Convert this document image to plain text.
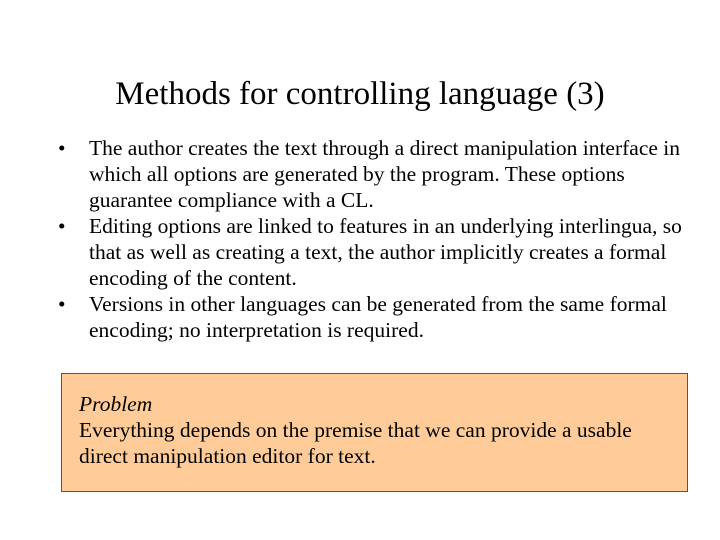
Methods for controlling language (3)
• The author creates the text through a direct manipulation interface in which all options are generated by the program. These options guarantee compliance with a CL.
• Editing options are linked to features in an underlying interlingua, so that as well as creating a text, the author implicitly creates a formal encoding of the content.
• Versions in other languages can be generated from the same formal encoding; no interpretation is required.
Problem
Everything depends on the premise that we can provide a usable direct manipulation editor for text.
